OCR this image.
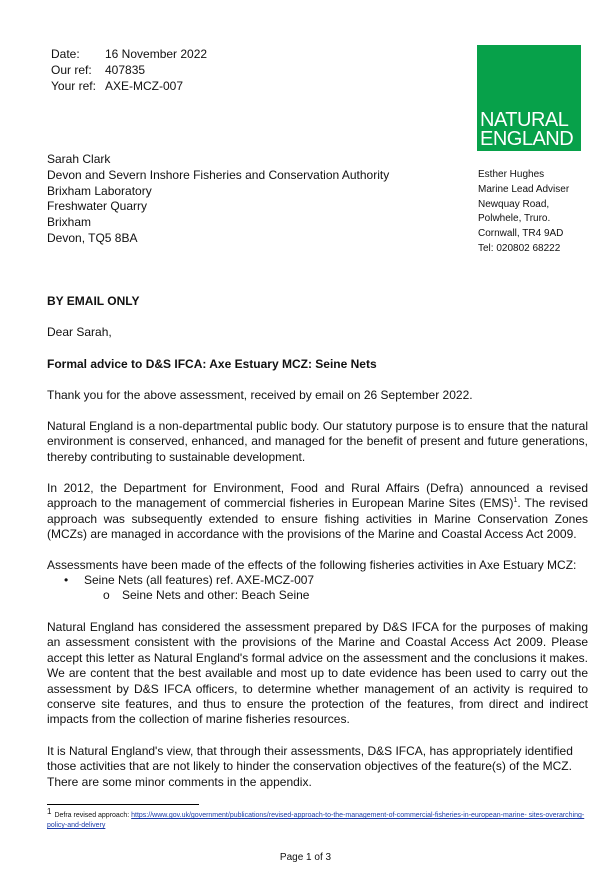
Date:	16 November 2022
Our ref:	407835
Your ref: AXE-MCZ-007
NATURAL
ENGLAND
Sarah Clark
Devon and Severn Inshore Fisheries and Conservation Authority
Brixham Laboratory
Freshwater Quarry
Brixham
Devon, TQ5 8BA
Esther Hughes
Marine Lead Adviser
Newquay Road,
Polwhele, Truro.
Cornwall, TR4 9AD
Tel: 020802 68222
BY EMAIL ONLY
Dear Sarah,
Formal advice to D&S IFCA: Axe Estuary MCZ: Seine Nets
Thank you for the above assessment, received by email on 26 September 2022.
Natural England is a non-departmental public body. Our statutory purpose is to ensure that the natural environment is conserved, enhanced, and managed for the benefit of present and future generations, thereby contributing to sustainable development.
In 2012, the Department for Environment, Food and Rural Affairs (Defra) announced a revised approach to the management of commercial fisheries in European Marine Sites (EMS)$^1$. The revised approach was subsequently extended to ensure fishing activities in Marine Conservation Zones (MCZs) are managed in accordance with the provisions of the Marine and Coastal Access Act 2009.
Assessments have been made of the effects of the following fisheries activities in Axe Estuary MCZ:
•	Seine Nets (all features) ref. AXE-MCZ-007
o	Seine Nets and other: Beach Seine
Natural England has considered the assessment prepared by D&S IFCA for the purposes of making an assessment consistent with the provisions of the Marine and Coastal Access Act 2009. Please accept this letter as Natural England's formal advice on the assessment and the conclusions it makes. We are content that the best available and most up to date evidence has been used to carry out the assessment by D&S IFCA officers, to determine whether management of an activity is required to conserve site features, and thus to ensure the protection of the features, from direct and indirect impacts from the collection of marine fisheries resources.
It is Natural England's view, that through their assessments, D&S IFCA, has appropriately identified those activities that are not likely to hinder the conservation objectives of the feature(s) of the MCZ. There are some minor comments in the appendix.
1 Defra revised approach: https://www.gov.uk/government/publications/revised-approach-to-the-management-of-commercial-fisheries-in-european-marine- sites-overarching-policy-and-delivery
Page 1 of 3
